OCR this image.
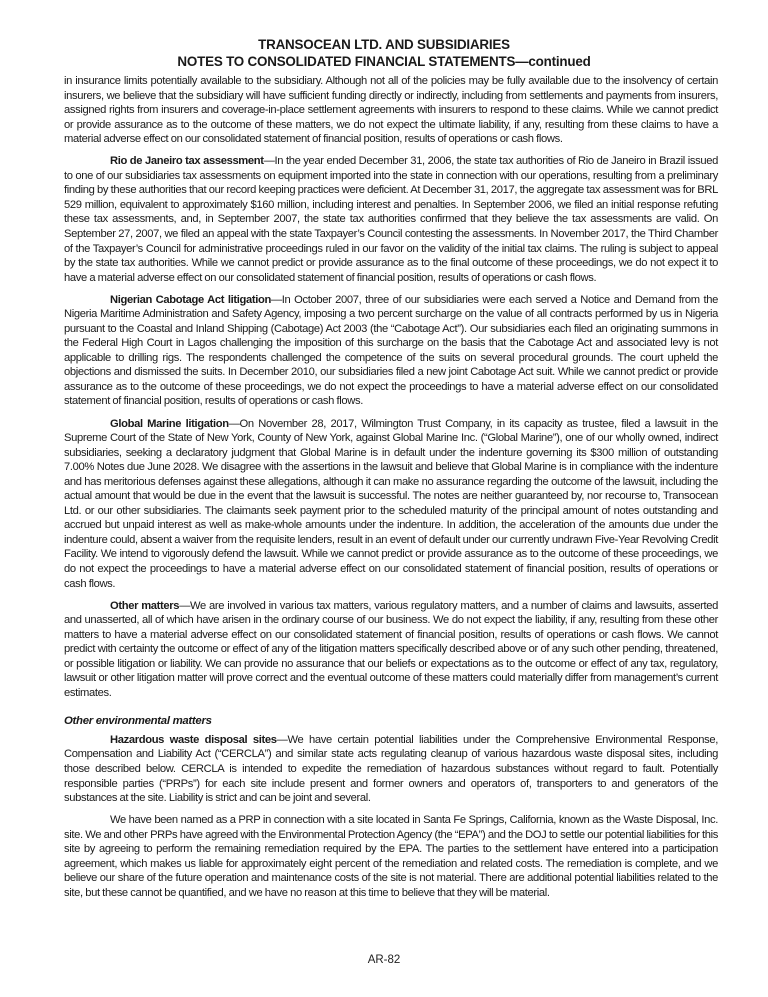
TRANSOCEAN LTD. AND SUBSIDIARIES
NOTES TO CONSOLIDATED FINANCIAL STATEMENTS—continued

in insurance limits potentially available to the subsidiary. Although not all of the policies may be fully available due to the insolvency of certain insurers, we believe that the subsidiary will have sufficient funding directly or indirectly, including from settlements and payments from insurers, assigned rights from insurers and coverage-in-place settlement agreements with insurers to respond to these claims. While we cannot predict or provide assurance as to the outcome of these matters, we do not expect the ultimate liability, if any, resulting from these claims to have a material adverse effect on our consolidated statement of financial position, results of operations or cash flows.

Rio de Janeiro tax assessment—In the year ended December 31, 2006, the state tax authorities of Rio de Janeiro in Brazil issued to one of our subsidiaries tax assessments on equipment imported into the state in connection with our operations, resulting from a preliminary finding by these authorities that our record keeping practices were deficient. At December 31, 2017, the aggregate tax assessment was for BRL 529 million, equivalent to approximately $160 million, including interest and penalties. In September 2006, we filed an initial response refuting these tax assessments, and, in September 2007, the state tax authorities confirmed that they believe the tax assessments are valid. On September 27, 2007, we filed an appeal with the state Taxpayer’s Council contesting the assessments. In November 2017, the Third Chamber of the Taxpayer’s Council for administrative proceedings ruled in our favor on the validity of the initial tax claims. The ruling is subject to appeal by the state tax authorities. While we cannot predict or provide assurance as to the final outcome of these proceedings, we do not expect it to have a material adverse effect on our consolidated statement of financial position, results of operations or cash flows.

Nigerian Cabotage Act litigation—In October 2007, three of our subsidiaries were each served a Notice and Demand from the Nigeria Maritime Administration and Safety Agency, imposing a two percent surcharge on the value of all contracts performed by us in Nigeria pursuant to the Coastal and Inland Shipping (Cabotage) Act 2003 (the “Cabotage Act”). Our subsidiaries each filed an originating summons in the Federal High Court in Lagos challenging the imposition of this surcharge on the basis that the Cabotage Act and associated levy is not applicable to drilling rigs. The respondents challenged the competence of the suits on several procedural grounds. The court upheld the objections and dismissed the suits. In December 2010, our subsidiaries filed a new joint Cabotage Act suit. While we cannot predict or provide assurance as to the outcome of these proceedings, we do not expect the proceedings to have a material adverse effect on our consolidated statement of financial position, results of operations or cash flows.

Global Marine litigation—On November 28, 2017, Wilmington Trust Company, in its capacity as trustee, filed a lawsuit in the Supreme Court of the State of New York, County of New York, against Global Marine Inc. (“Global Marine”), one of our wholly owned, indirect subsidiaries, seeking a declaratory judgment that Global Marine is in default under the indenture governing its $300 million of outstanding 7.00% Notes due June 2028. We disagree with the assertions in the lawsuit and believe that Global Marine is in compliance with the indenture and has meritorious defenses against these allegations, although it can make no assurance regarding the outcome of the lawsuit, including the actual amount that would be due in the event that the lawsuit is successful. The notes are neither guaranteed by, nor recourse to, Transocean Ltd. or our other subsidiaries. The claimants seek payment prior to the scheduled maturity of the principal amount of notes outstanding and accrued but unpaid interest as well as make-whole amounts under the indenture. In addition, the acceleration of the amounts due under the indenture could, absent a waiver from the requisite lenders, result in an event of default under our currently undrawn Five-Year Revolving Credit Facility. We intend to vigorously defend the lawsuit. While we cannot predict or provide assurance as to the outcome of these proceedings, we do not expect the proceedings to have a material adverse effect on our consolidated statement of financial position, results of operations or cash flows.

Other matters—We are involved in various tax matters, various regulatory matters, and a number of claims and lawsuits, asserted and unasserted, all of which have arisen in the ordinary course of our business. We do not expect the liability, if any, resulting from these other matters to have a material adverse effect on our consolidated statement of financial position, results of operations or cash flows. We cannot predict with certainty the outcome or effect of any of the litigation matters specifically described above or of any such other pending, threatened, or possible litigation or liability. We can provide no assurance that our beliefs or expectations as to the outcome or effect of any tax, regulatory, lawsuit or other litigation matter will prove correct and the eventual outcome of these matters could materially differ from management’s current estimates.

Other environmental matters

Hazardous waste disposal sites—We have certain potential liabilities under the Comprehensive Environmental Response, Compensation and Liability Act (“CERCLA”) and similar state acts regulating cleanup of various hazardous waste disposal sites, including those described below. CERCLA is intended to expedite the remediation of hazardous substances without regard to fault. Potentially responsible parties (“PRPs”) for each site include present and former owners and operators of, transporters to and generators of the substances at the site. Liability is strict and can be joint and several.

We have been named as a PRP in connection with a site located in Santa Fe Springs, California, known as the Waste Disposal, Inc. site. We and other PRPs have agreed with the Environmental Protection Agency (the “EPA”) and the DOJ to settle our potential liabilities for this site by agreeing to perform the remaining remediation required by the EPA. The parties to the settlement have entered into a participation agreement, which makes us liable for approximately eight percent of the remediation and related costs. The remediation is complete, and we believe our share of the future operation and maintenance costs of the site is not material. There are additional potential liabilities related to the site, but these cannot be quantified, and we have no reason at this time to believe that they will be material.

AR-82
